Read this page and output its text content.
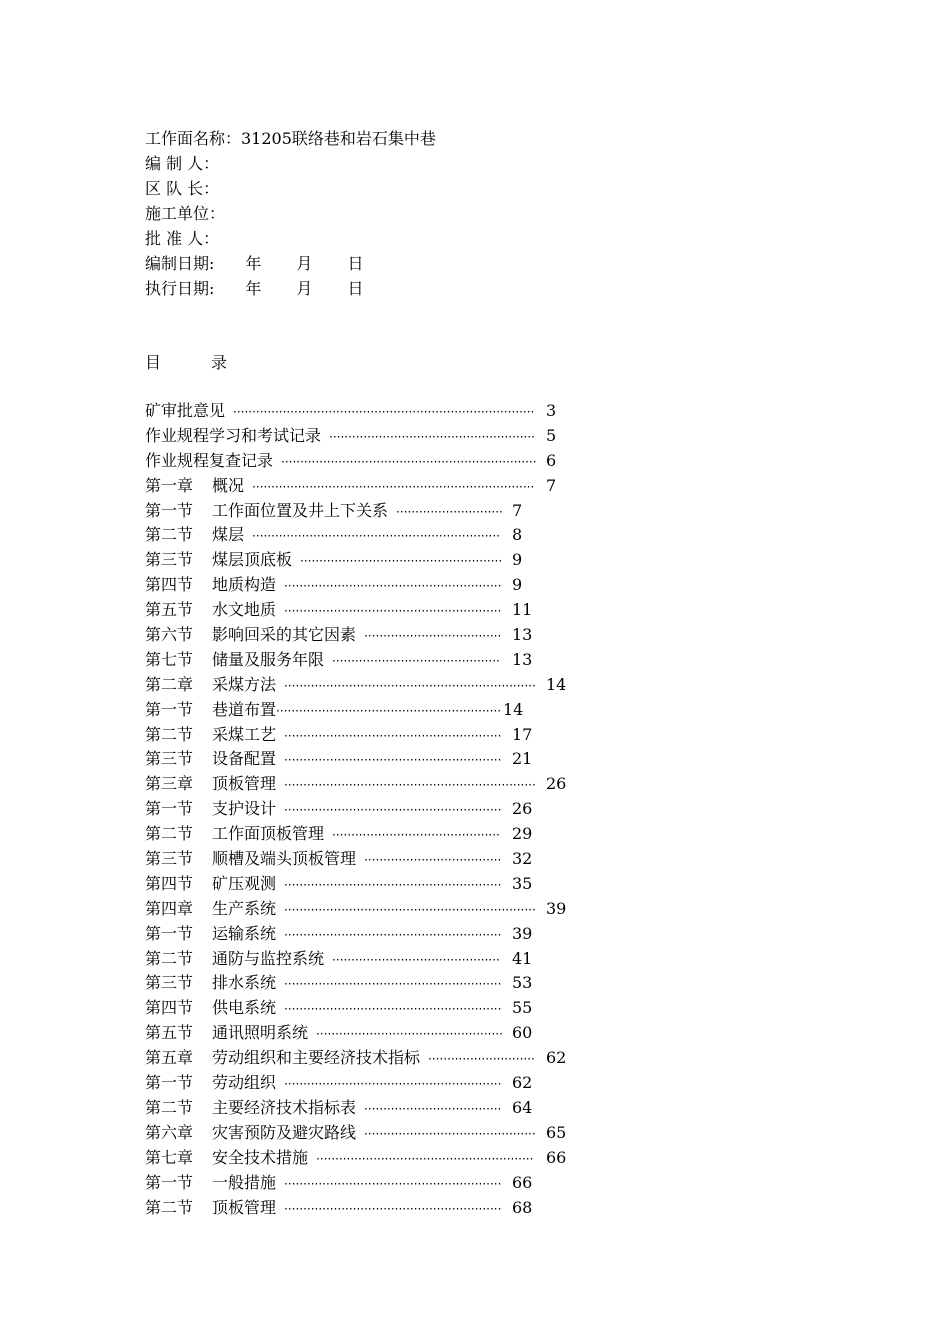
工作面名称：31205联络巷和岩石集中巷
编 制 人：
区 队 长：
施工单位：
批 准 人：
编制日期: 年 月 日
执行日期: 年 月 日
目	录
矿审批意见 ··············································································· 3
作业规程学习和考试记录 ······················································ 5
作业规程复查记录 ··································································· 6
第一章 概况 ·········································································· 7
第一节 工作面位置及井上下关系 ···························· 7
第二节 煤层 ································································· 8
第三节 煤层顶底板 ····················································· 9
第四节 地质构造 ························································· 9
第五节 水文地质 ························································· 11
第六节 影响回采的其它因素 ···································· 13
第七节 储量及服务年限 ············································ 13
第二章 采煤方法 ·································································· 14
第一节 巷道布置 ··························································· 14
第二节 采煤工艺 ························································· 17
第三节 设备配置 ························································· 21
第三章 顶板管理 ·································································· 26
第一节 支护设计 ························································· 26
第二节 工作面顶板管理 ············································ 29
第三节 顺槽及端头顶板管理 ···································· 32
第四节 矿压观测 ························································· 35
第四章 生产系统 ·································································· 39
第一节 运输系统 ························································· 39
第二节 通防与监控系统 ············································ 41
第三节 排水系统 ························································· 53
第四节 供电系统 ························································· 55
第五节 通讯照明系统 ················································· 60
第五章 劳动组织和主要经济技术指标 ···························· 62
第一节 劳动组织 ························································· 62
第二节 主要经济技术指标表 ···································· 64
第六章 灾害预防及避灾路线 ············································· 65
第七章 安全技术措施 ························································· 66
第一节 一般措施 ························································· 66
第二节 顶板管理 ························································· 68
